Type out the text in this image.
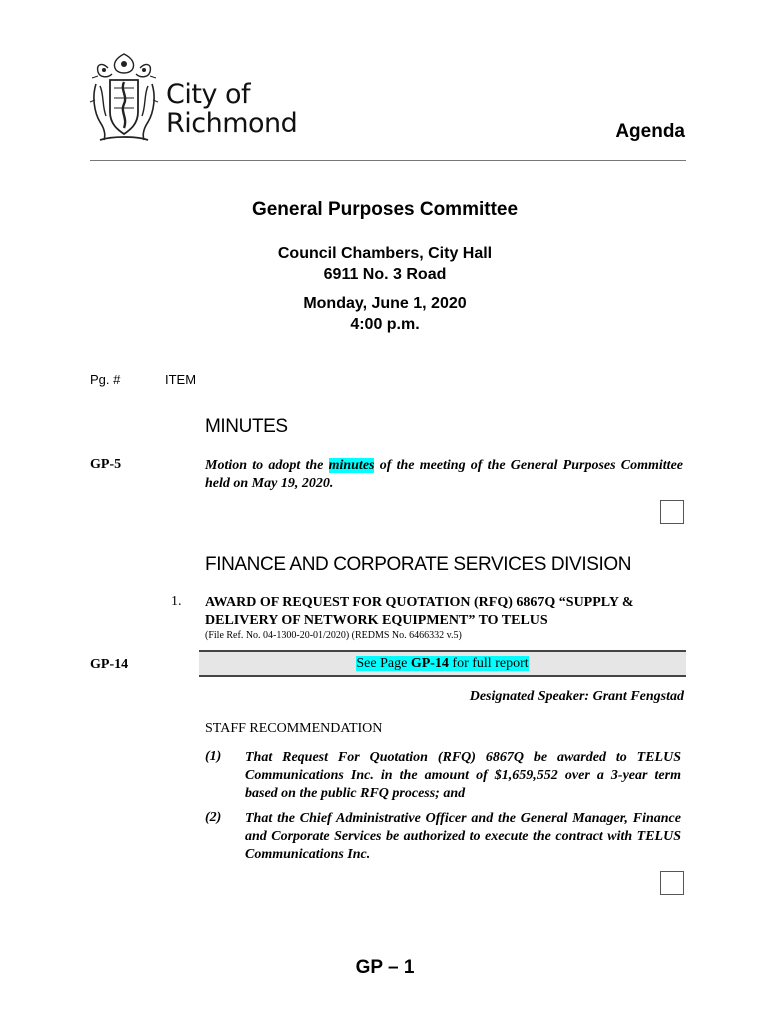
City of
Richmond	Agenda
General Purposes Committee
Council Chambers, City Hall
6911 No. 3 Road
Monday, June 1, 2020
4:00 p.m.
Pg. #	ITEM
MINUTES
GP-5	Motion to adopt the minutes of the meeting of the General Purposes Committee held on May 19, 2020.
FINANCE AND CORPORATE SERVICES DIVISION
1. AWARD OF REQUEST FOR QUOTATION (RFQ) 6867Q “SUPPLY & DELIVERY OF NETWORK EQUIPMENT” TO TELUS
(File Ref. No. 04-1300-20-01/2020) (REDMS No. 6466332 v.5)
GP-14	See Page GP-14 for full report
Designated Speaker: Grant Fengstad
STAFF RECOMMENDATION
(1) That Request For Quotation (RFQ) 6867Q be awarded to TELUS Communications Inc. in the amount of $1,659,552 over a 3-year term based on the public RFQ process; and
(2) That the Chief Administrative Officer and the General Manager, Finance and Corporate Services be authorized to execute the contract with TELUS Communications Inc.
GP – 1
